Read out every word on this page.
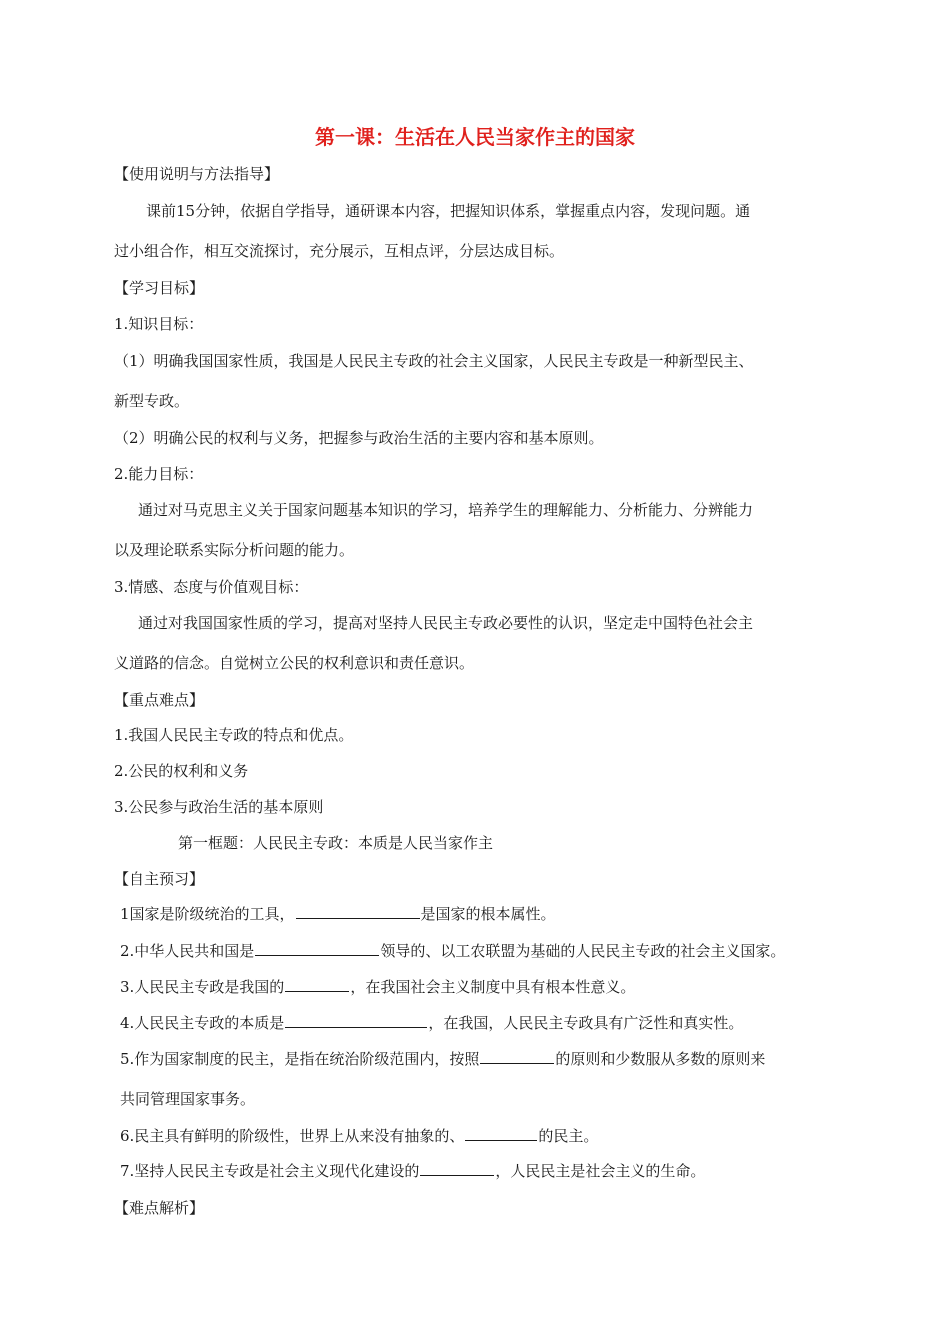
第一课：生活在人民当家作主的国家
【使用说明与方法指导】
课前15分钟，依据自学指导，通研课本内容，把握知识体系，掌握重点内容，发现问题。通
过小组合作，相互交流探讨，充分展示，互相点评，分层达成目标。
【学习目标】
1.知识目标：
（1）明确我国国家性质，我国是人民民主专政的社会主义国家，人民民主专政是一种新型民主、
新型专政。
（2）明确公民的权利与义务，把握参与政治生活的主要内容和基本原则。
2.能力目标：
通过对马克思主义关于国家问题基本知识的学习，培养学生的理解能力、分析能力、分辨能力
以及理论联系实际分析问题的能力。
3.情感、态度与价值观目标：
通过对我国国家性质的学习，提高对坚持人民民主专政必要性的认识，坚定走中国特色社会主
义道路的信念。自觉树立公民的权利意识和责任意识。
【重点难点】
1.我国人民民主专政的特点和优点。
2.公民的权利和义务
3.公民参与政治生活的基本原则
第一框题：人民民主专政：本质是人民当家作主
【自主预习】
1国家是阶级统治的工具，	是国家的根本属性。
2.中华人民共和国是	领导的、以工农联盟为基础的人民民主专政的社会主义国家。
3.人民民主专政是我国的	，在我国社会主义制度中具有根本性意义。
4.人民民主专政的本质是	，在我国，人民民主专政具有广泛性和真实性。
5.作为国家制度的民主，是指在统治阶级范围内，按照	的原则和少数服从多数的原则来
共同管理国家事务。
6.民主具有鲜明的阶级性，世界上从来没有抽象的、	的民主。
7.坚持人民民主专政是社会主义现代化建设的	，人民民主是社会主义的生命。
【难点解析】
